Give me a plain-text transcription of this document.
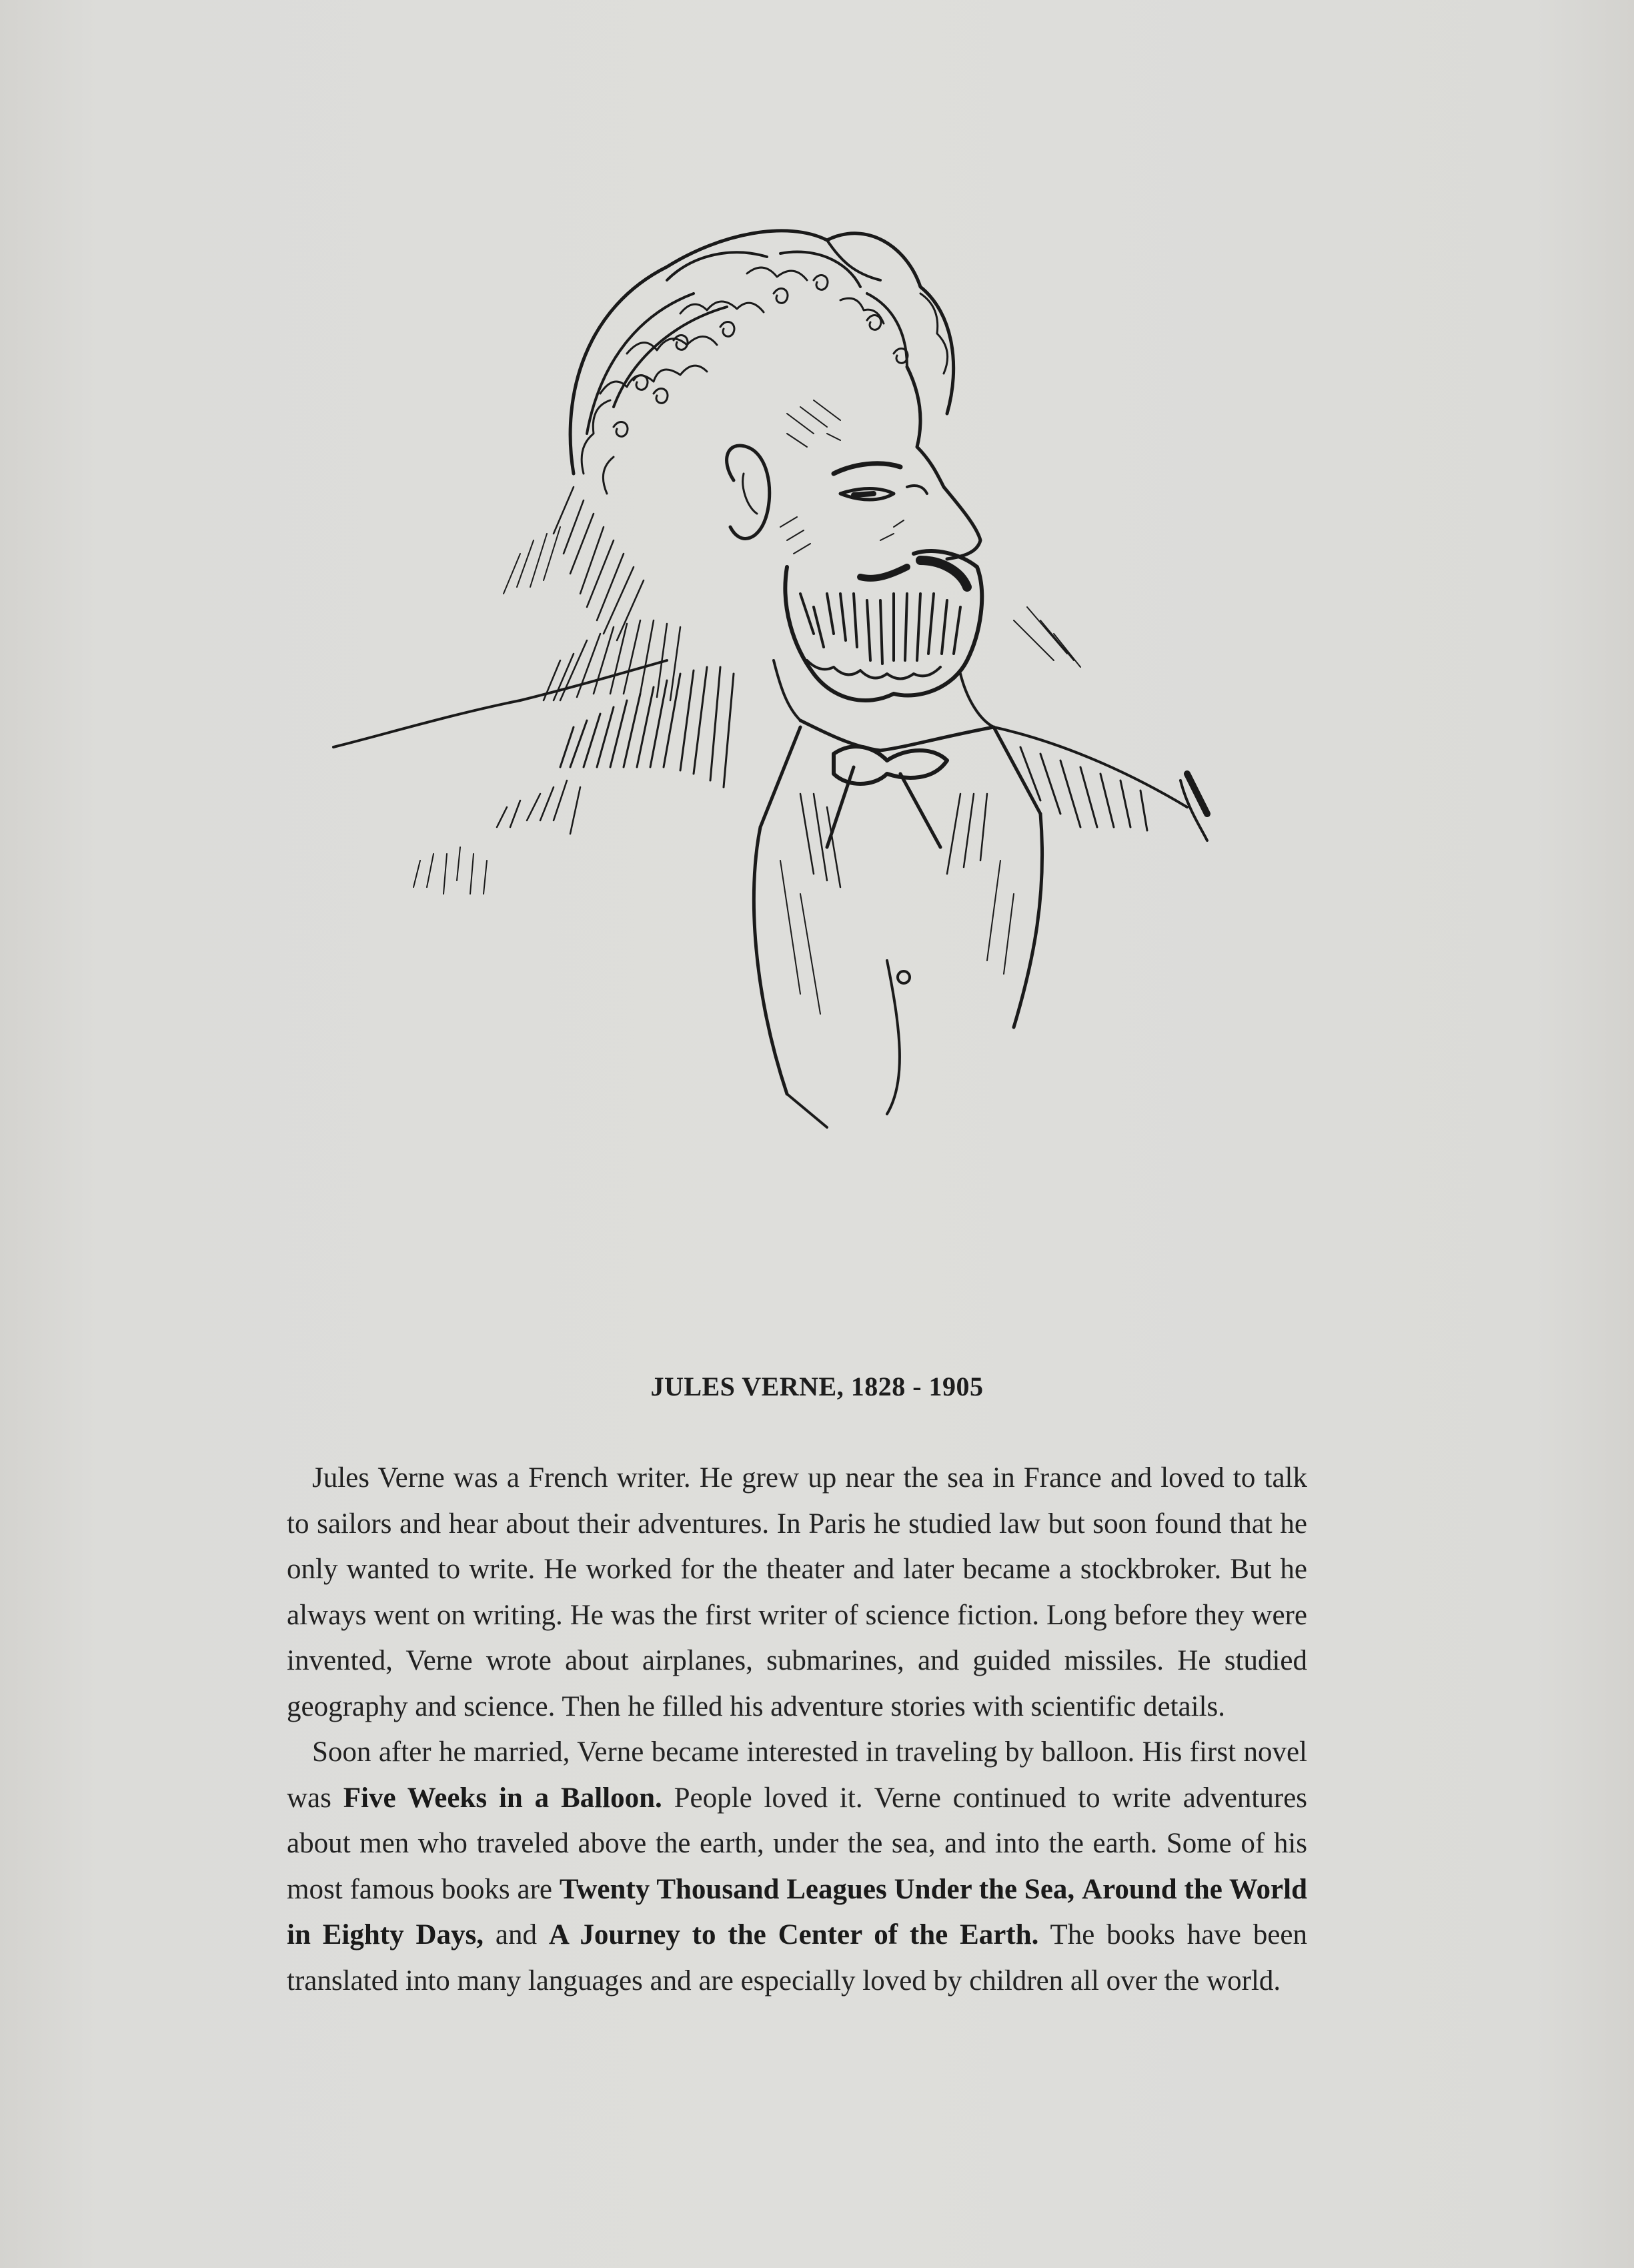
JULES VERNE, 1828 - 1905

Jules Verne was a French writer. He grew up near the sea in France and loved to talk to sailors and hear about their adventures. In Paris he studied law but soon found that he only wanted to write. He worked for the theater and later became a stockbroker. But he always went on writing. He was the first writer of science fiction. Long before they were invented, Verne wrote about airplanes, submarines, and guided missiles. He studied geography and science. Then he filled his adventure stories with scientific details.

Soon after he married, Verne became interested in traveling by balloon. His first novel was Five Weeks in a Balloon. People loved it. Verne continued to write adventures about men who traveled above the earth, under the sea, and into the earth. Some of his most famous books are Twenty Thousand Leagues Under the Sea, Around the World in Eighty Days, and A Journey to the Center of the Earth. The books have been translated into many languages and are especially loved by children all over the world.
